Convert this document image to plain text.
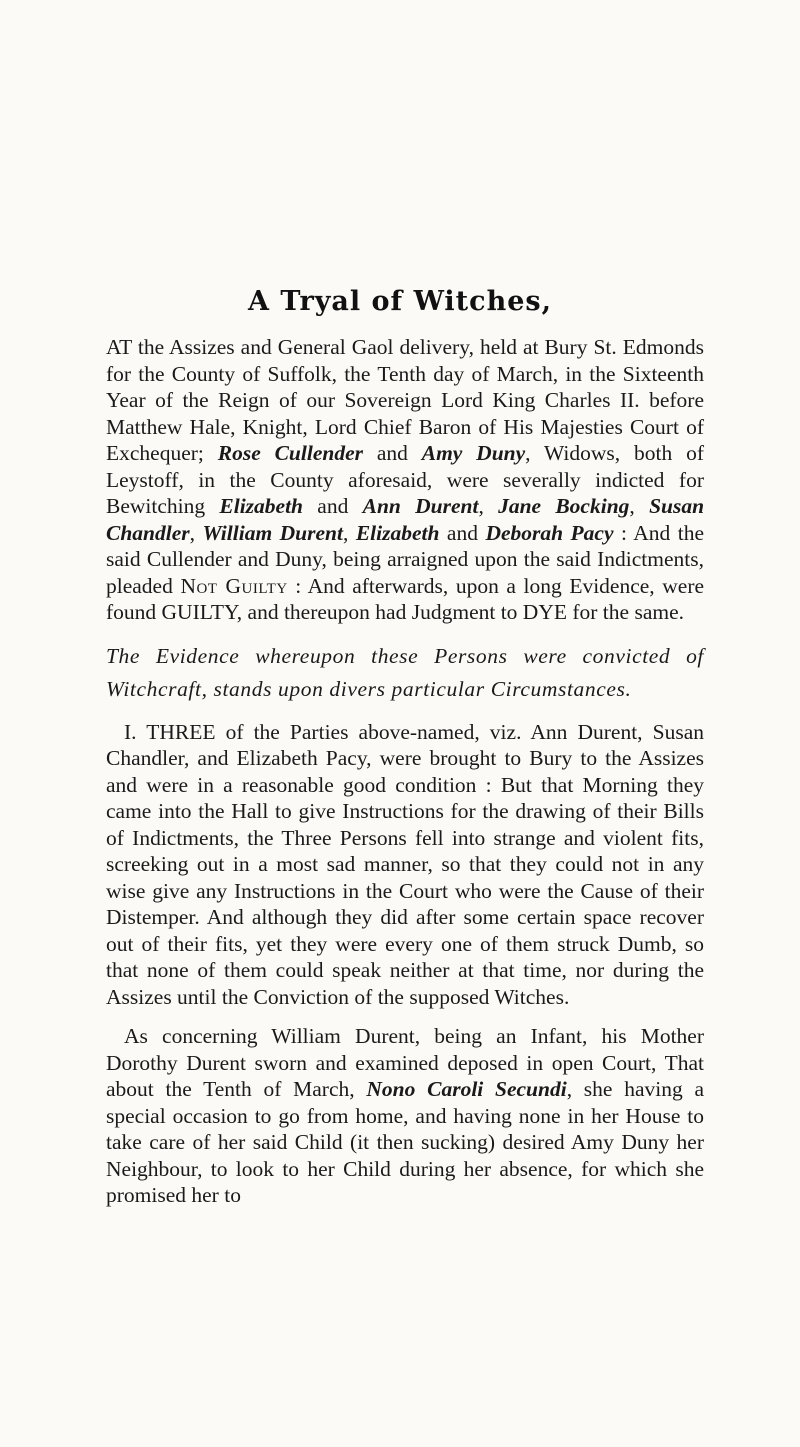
A Tryal of Witches,

AT the Assizes and General Gaol delivery, held at Bury St. Edmonds for the County of Suffolk, the Tenth day of March, in the Sixteenth Year of the Reign of our Sovereign Lord King Charles II. before Matthew Hale, Knight, Lord Chief Baron of His Majesties Court of Exchequer; Rose Cullender and Amy Duny, Widows, both of Leystoff, in the County aforesaid, were severally indicted for Bewitching Elizabeth and Ann Durent, Jane Bocking, Susan Chandler, William Durent, Elizabeth and Deborah Pacy : And the said Cullender and Duny, being arraigned upon the said Indictments, pleaded Not Guilty : And afterwards, upon a long Evidence, were found GUILTY, and thereupon had Judgment to DYE for the same.

The Evidence whereupon these Persons were convicted of Witchcraft, stands upon divers particular Circumstances.

I. THREE of the Parties above-named, viz. Ann Durent, Susan Chandler, and Elizabeth Pacy, were brought to Bury to the Assizes and were in a reasonable good condition : But that Morning they came into the Hall to give Instructions for the drawing of their Bills of Indictments, the Three Persons fell into strange and violent fits, screeking out in a most sad manner, so that they could not in any wise give any Instructions in the Court who were the Cause of their Distemper. And although they did after some certain space recover out of their fits, yet they were every one of them struck Dumb, so that none of them could speak neither at that time, nor during the Assizes until the Conviction of the supposed Witches.

As concerning William Durent, being an Infant, his Mother Dorothy Durent sworn and examined deposed in open Court, That about the Tenth of March, Nono Caroli Secundi, she having a special occasion to go from home, and having none in her House to take care of her said Child (it then sucking) desired Amy Duny her Neighbour, to look to her Child during her absence, for which she promised her to
